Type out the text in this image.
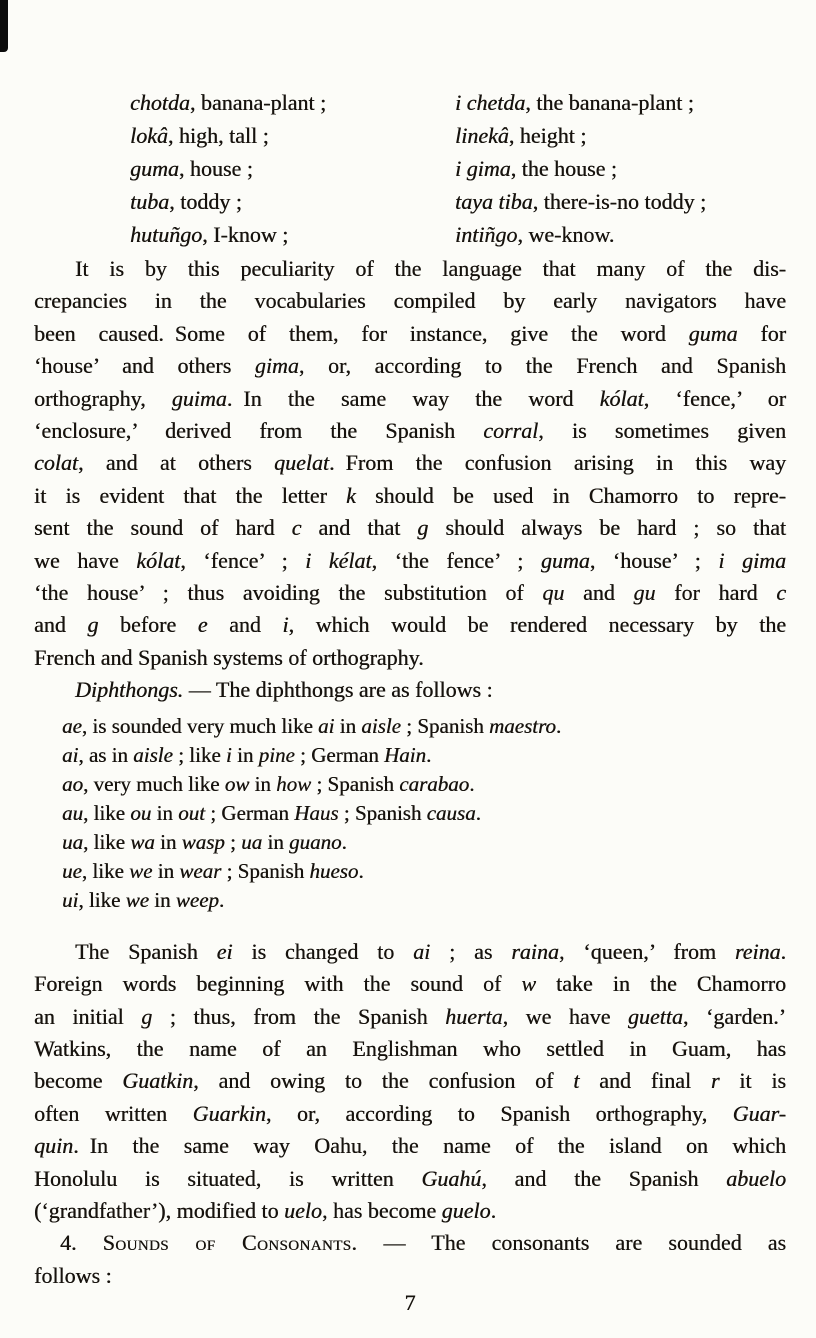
chotda, banana-plant ;
lokâ, high, tall ;
guma, house ;
tuba, toddy ;
hutuñgo, I-know ;
i chetda, the banana-plant ;
linekâ, height ;
i gima, the house ;
taya tiba, there-is-no toddy ;
intiñgo, we-know.
It is by this peculiarity of the language that many of the dis-
crepancies in the vocabularies compiled by early navigators have
been caused. Some of them, for instance, give the word guma for
‘house’ and others gima, or, according to the French and Spanish
orthography, guima. In the same way the word kólat, ‘fence,’ or
‘enclosure,’ derived from the Spanish corral, is sometimes given
colat, and at others quelat. From the confusion arising in this way
it is evident that the letter k should be used in Chamorro to repre-
sent the sound of hard c and that g should always be hard ; so that
we have kólat, ‘fence’ ; i kélat, ‘the fence’ ; guma, ‘house’ ; i gima
‘the house’ ; thus avoiding the substitution of qu and gu for hard c
and g before e and i, which would be rendered necessary by the
French and Spanish systems of orthography.
Diphthongs. — The diphthongs are as follows :
ae, is sounded very much like ai in aisle ; Spanish maestro.
ai, as in aisle ; like i in pine ; German Hain.
ao, very much like ow in how ; Spanish carabao.
au, like ou in out ; German Haus ; Spanish causa.
ua, like wa in wasp ; ua in guano.
ue, like we in wear ; Spanish hueso.
ui, like we in weep.
The Spanish ei is changed to ai ; as raina, ‘queen,’ from reina.
Foreign words beginning with the sound of w take in the Chamorro
an initial g ; thus, from the Spanish huerta, we have guetta, ‘garden.’
Watkins, the name of an Englishman who settled in Guam, has
become Guatkin, and owing to the confusion of t and final r it is
often written Guarkin, or, according to Spanish orthography, Guar-
quin. In the same way Oahu, the name of the island on which
Honolulu is situated, is written Guahú, and the Spanish abuelo
(‘grandfather’), modified to uelo, has become guelo.
4. Sounds of Consonants. — The consonants are sounded as
follows :
7
